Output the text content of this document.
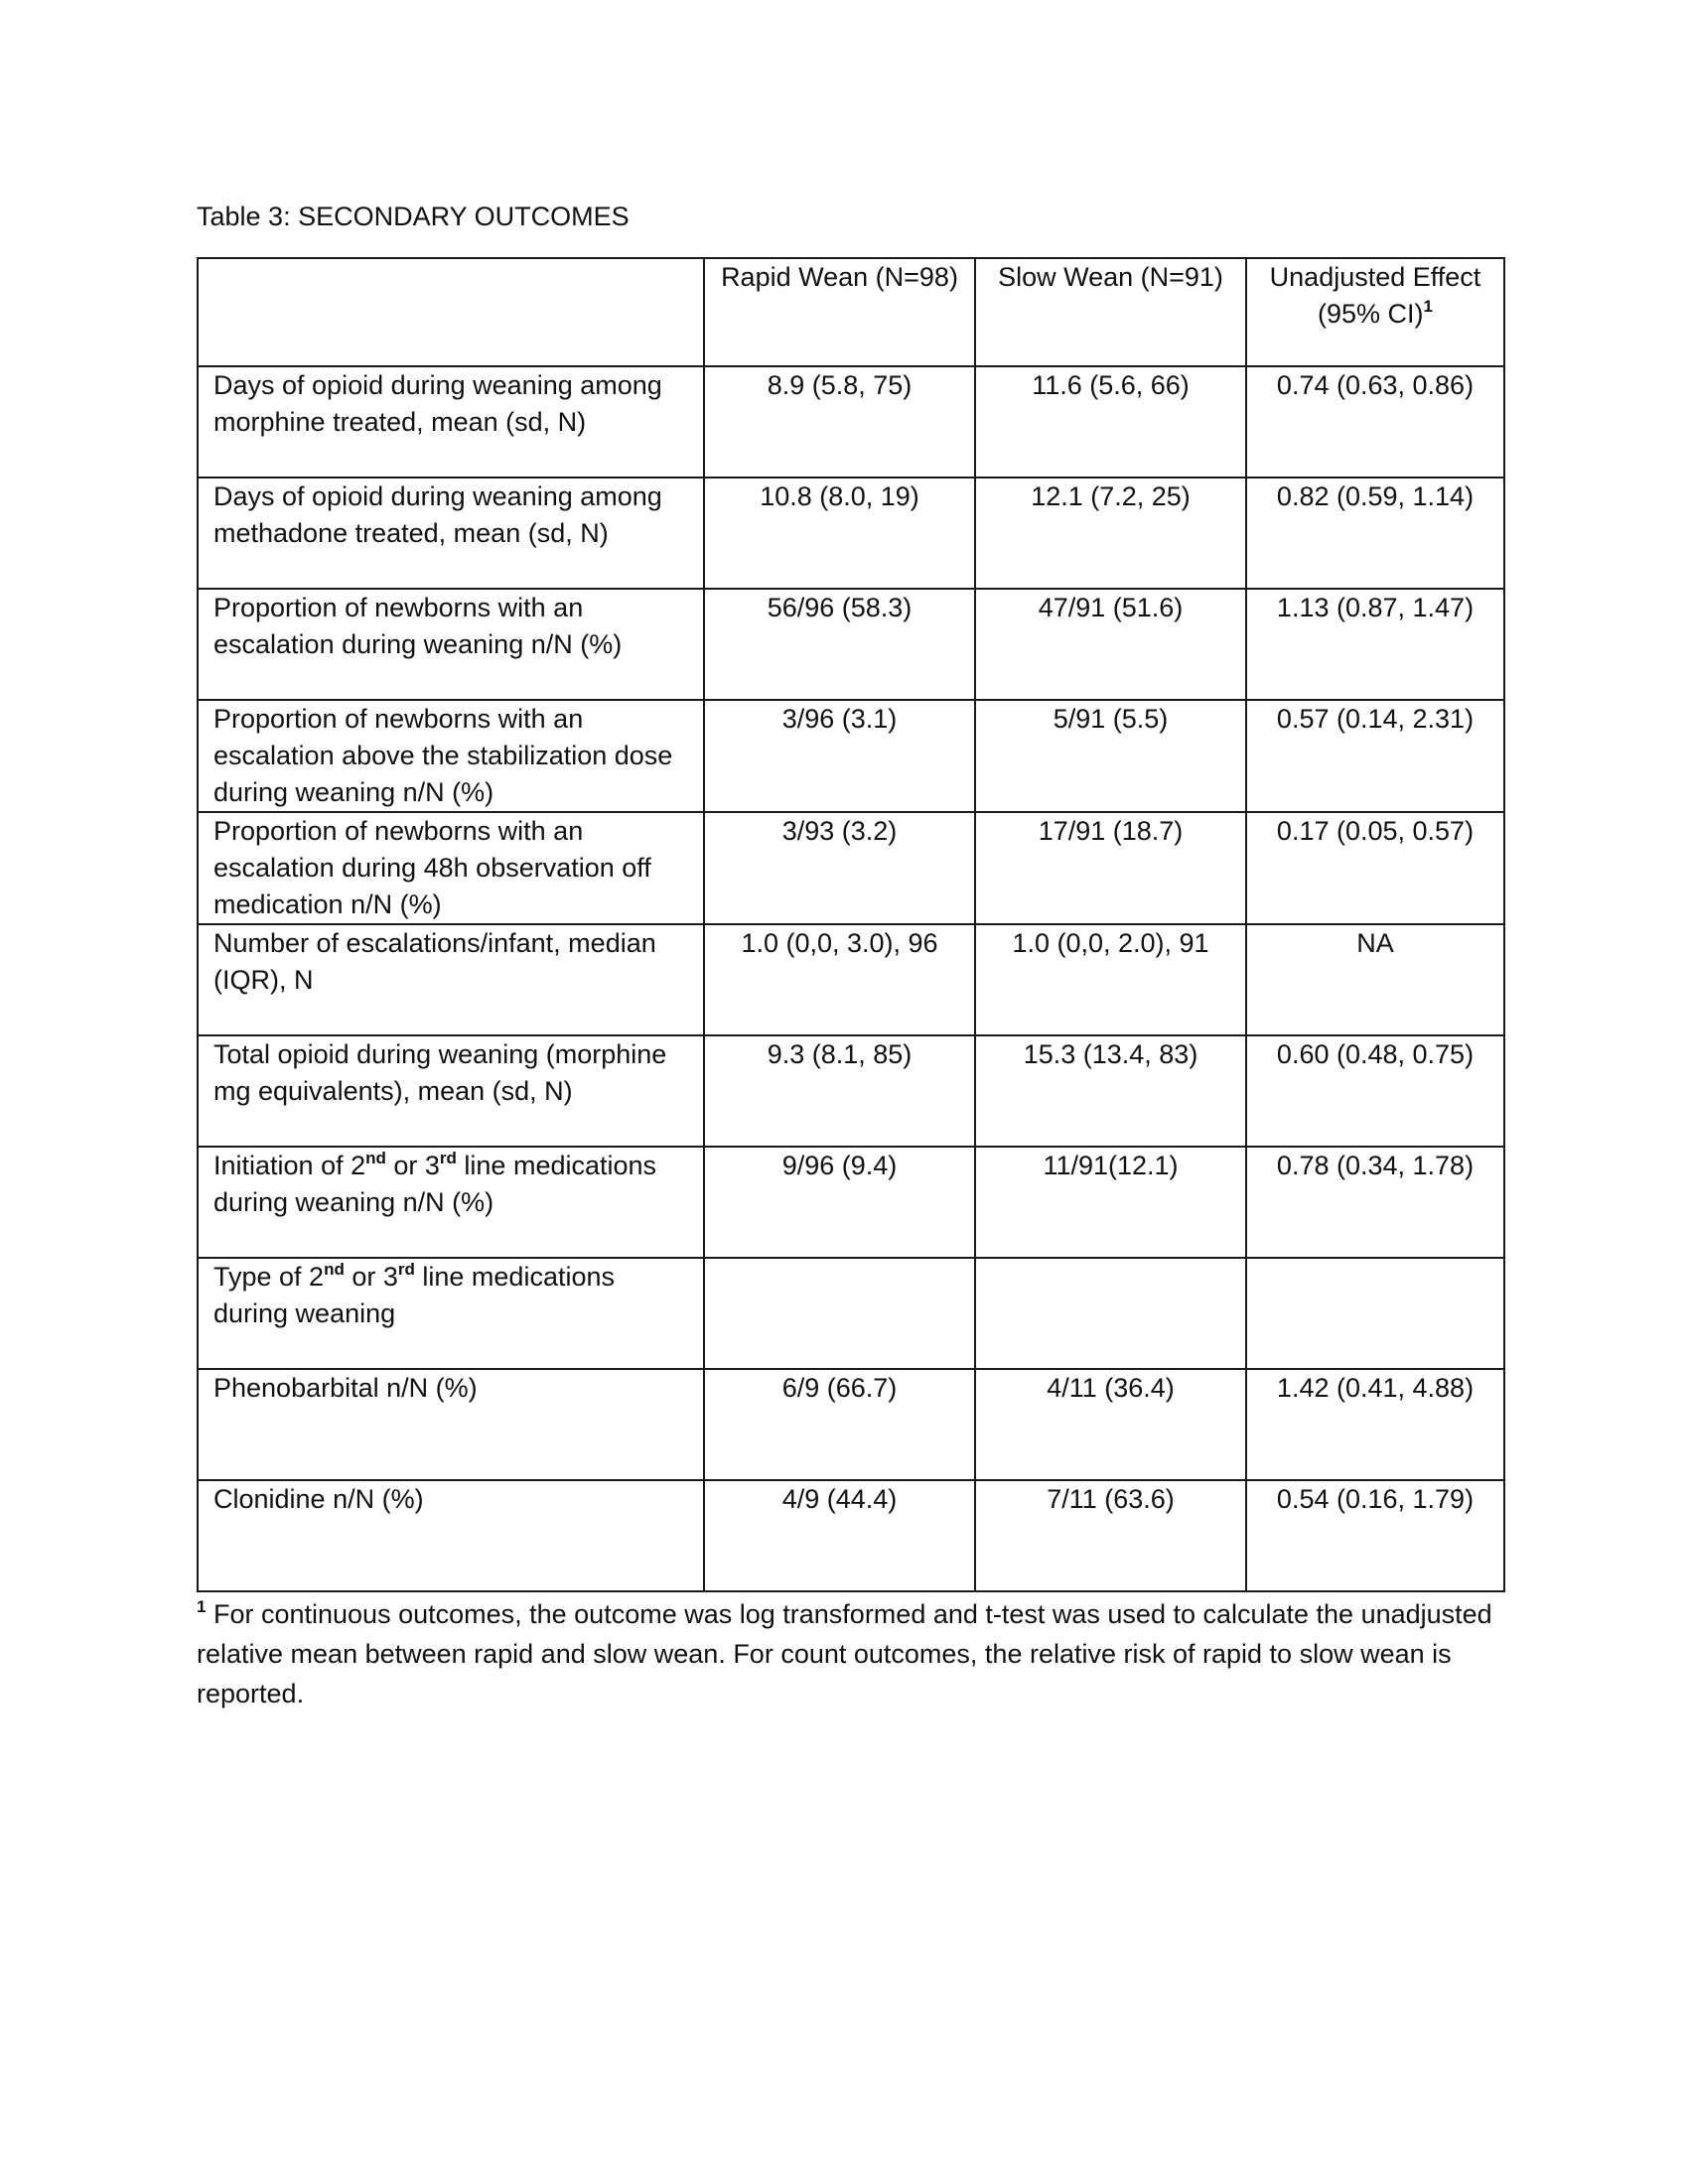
Table 3: SECONDARY OUTCOMES
	Rapid Wean (N=98)	Slow Wean (N=91)	Unadjusted Effect (95% CI)$^1$
Days of opioid during weaning among morphine treated, mean (sd, N)	8.9 (5.8, 75)	11.6 (5.6, 66)	0.74 (0.63, 0.86)
Days of opioid during weaning among methadone treated, mean (sd, N)	10.8 (8.0, 19)	12.1 (7.2, 25)	0.82 (0.59, 1.14)
Proportion of newborns with an escalation during weaning n/N (%)	56/96 (58.3)	47/91 (51.6)	1.13 (0.87, 1.47)
Proportion of newborns with an escalation above the stabilization dose during weaning n/N (%)	3/96 (3.1)	5/91 (5.5)	0.57 (0.14, 2.31)
Proportion of newborns with an escalation during 48h observation off medication n/N (%)	3/93 (3.2)	17/91 (18.7)	0.17 (0.05, 0.57)
Number of escalations/infant, median (IQR), N	1.0 (0,0, 3.0), 96	1.0 (0,0, 2.0), 91	NA
Total opioid during weaning (morphine mg equivalents), mean (sd, N)	9.3 (8.1, 85)	15.3 (13.4, 83)	0.60 (0.48, 0.75)
Initiation of 2nd or 3rd line medications during weaning n/N (%)	9/96 (9.4)	11/91(12.1)	0.78 (0.34, 1.78)
Type of 2nd or 3rd line medications during weaning			
Phenobarbital n/N (%)	6/9 (66.7)	4/11 (36.4)	1.42 (0.41, 4.88)
Clonidine n/N (%)	4/9 (44.4)	7/11 (63.6)	0.54 (0.16, 1.79)
$^1$ For continuous outcomes, the outcome was log transformed and t-test was used to calculate the unadjusted relative mean between rapid and slow wean. For count outcomes, the relative risk of rapid to slow wean is reported.
